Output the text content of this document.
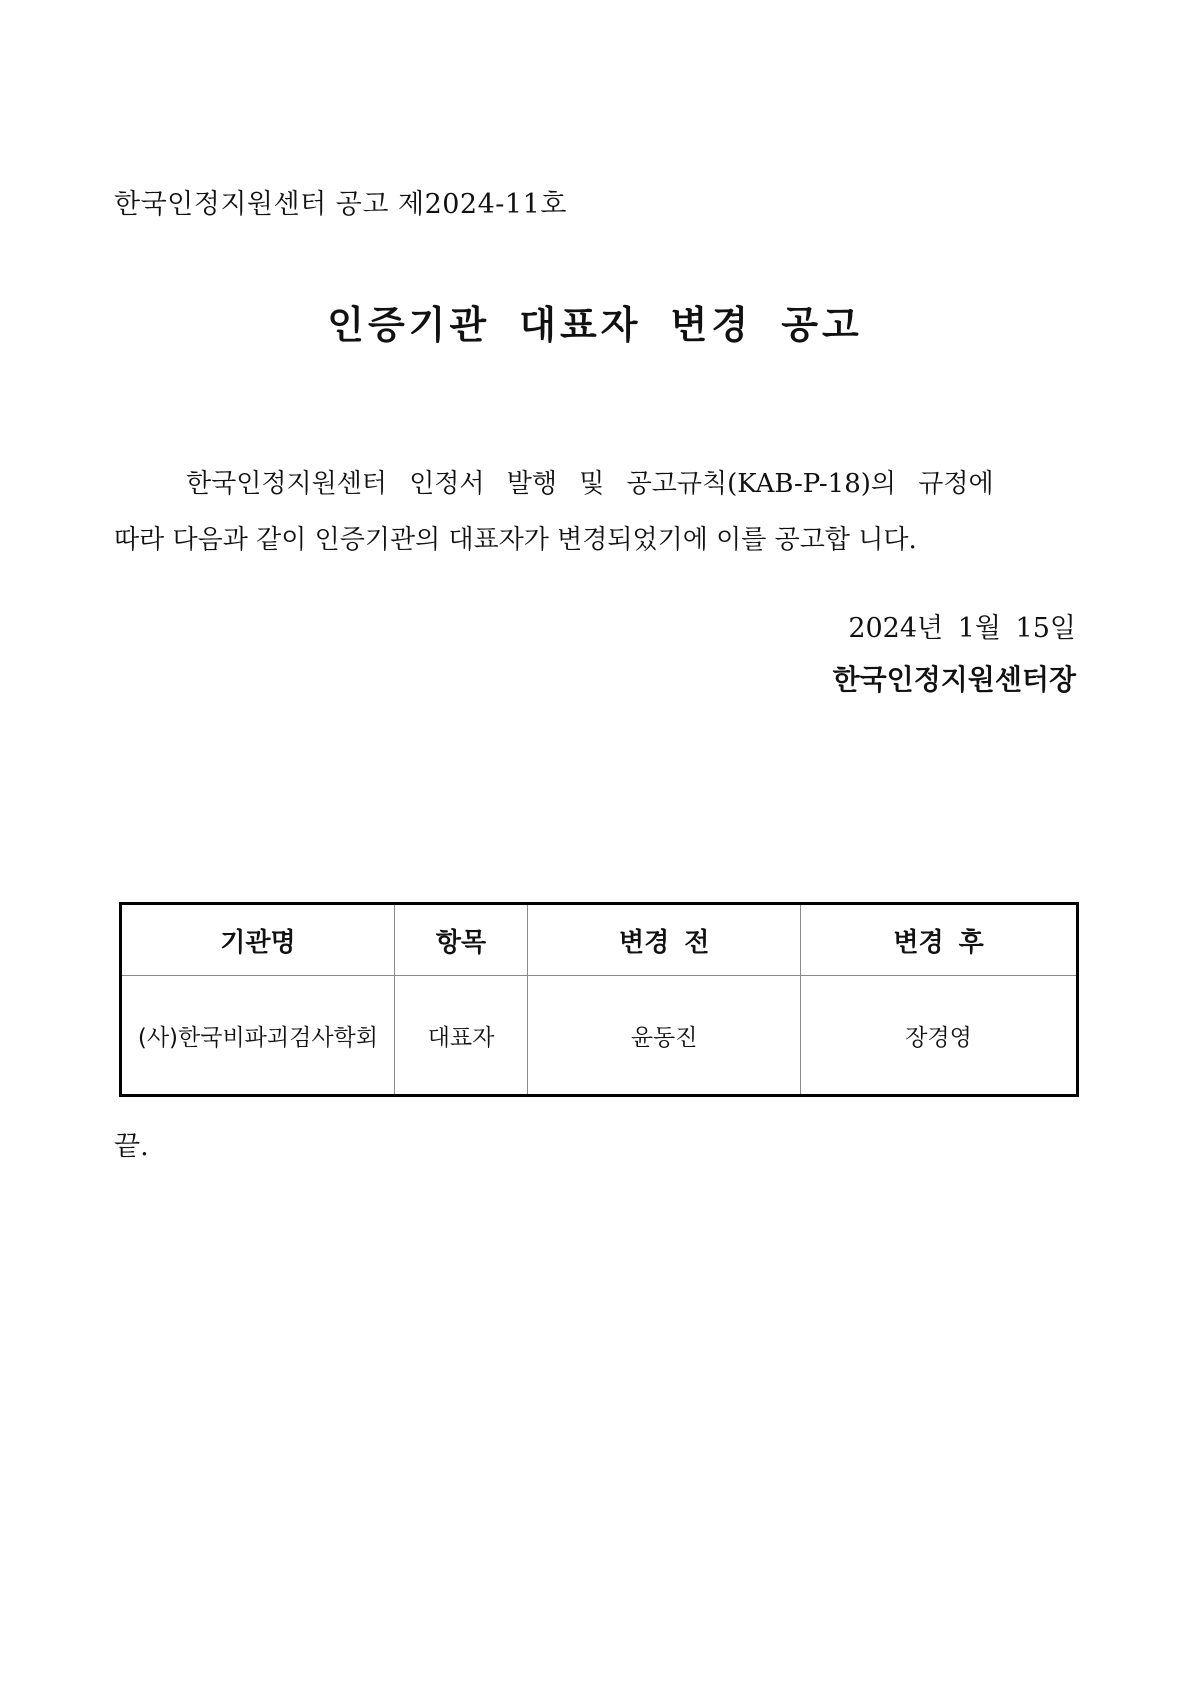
한국인정지원센터 공고 제2024-11호
인증기관 대표자 변경 공고
한국인정지원센터 인정서 발행 및 공고규칙(KAB-P-18)의 규정에
따라 다음과 같이 인증기관의 대표자가 변경되었기에 이를 공고합 니다.
2024년 1월 15일
한국인정지원센터장
기관명	항목	변경 전	변경 후
(사)한국비파괴검사학회	대표자	윤동진	장경영
끝.
